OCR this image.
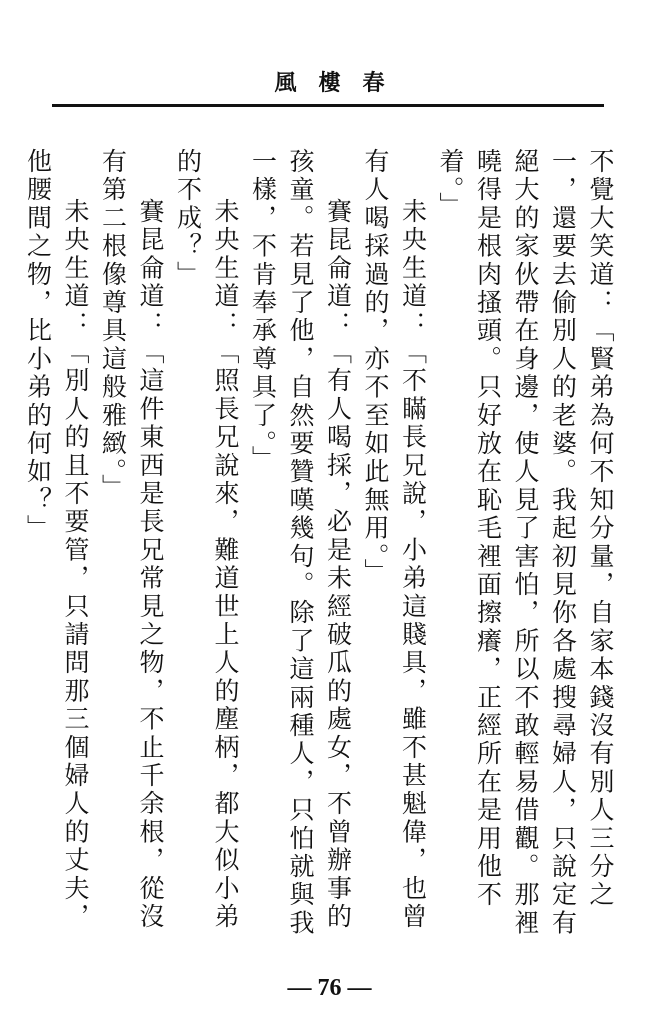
風樓春

不覺大笑道：「賢弟為何不知分量，自家本錢沒有別人三分之一，還要去偷別人的老婆。我起初見你各處搜尋婦人，只說定有絕大的家伙帶在身邊，使人見了害怕，所以不敢輕易借觀。那裡曉得是根肉搔頭。只好放在恥毛裡面擦癢，正經所在是用他不着。」

未央生道：「不瞞長兄說，小弟這賤具，雖不甚魁偉，也曾有人喝採過的，亦不至如此無用。」

賽昆侖道：「有人喝採，必是未經破瓜的處女，不曾辦事的孩童。若見了他，自然要贊嘆幾句。除了這兩種人，只怕就與我一樣，不肯奉承尊具了。」

未央生道：「照長兄說來，難道世上人的塵柄，都大似小弟的不成？」

賽昆侖道：「這件東西是長兄常見之物，不止千余根，從沒有第二根像尊具這般雅緻。」

未央生道：「別人的且不要管，只請問那三個婦人的丈夫，他腰間之物，比小弟的何如？」

— 76 —
